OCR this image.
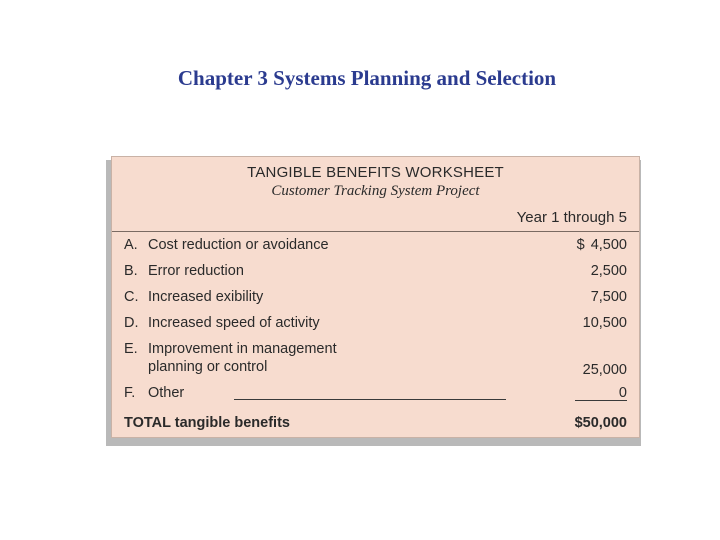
Chapter 3 Systems Planning and Selection
TANGIBLE BENEFITS WORKSHEET
Customer Tracking System Project
Year 1 through 5
A. Cost reduction or avoidance	$ 4,500
B. Error reduction	2,500
C. Increased exibility	7,500
D. Increased speed of activity	10,500
E. Improvement in management
planning or control	25,000
F. Other	0
TOTAL tangible benefits	$50,000
